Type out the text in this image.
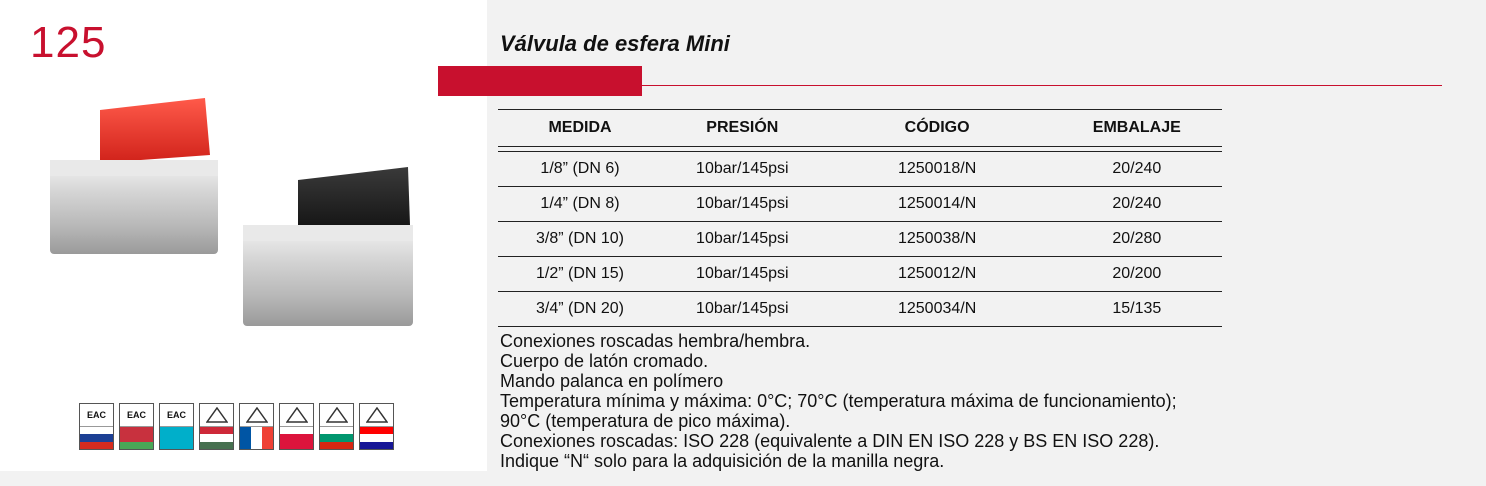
125
EAC	EAC	EAC
Válvula de esfera Mini
MEDIDA	PRESIÓN	CÓDIGO	EMBALAJE

1/8” (DN 6)	10bar/145psi	1250018/N	20/240
1/4” (DN 8)	10bar/145psi	1250014/N	20/240
3/8” (DN 10)	10bar/145psi	1250038/N	20/280
1/2” (DN 15)	10bar/145psi	1250012/N	20/200
3/4” (DN 20)	10bar/145psi	1250034/N	15/135
Conexiones roscadas hembra/hembra.
Cuerpo de latón cromado.
Mando palanca en polímero
Temperatura mínima y máxima: 0°C; 70°C (temperatura máxima de funcionamiento);
90°C (temperatura de pico máxima).
Conexiones roscadas: ISO 228 (equivalente a DIN EN ISO 228 y BS EN ISO 228).
Indique “N“ solo para la adquisición de la manilla negra.
